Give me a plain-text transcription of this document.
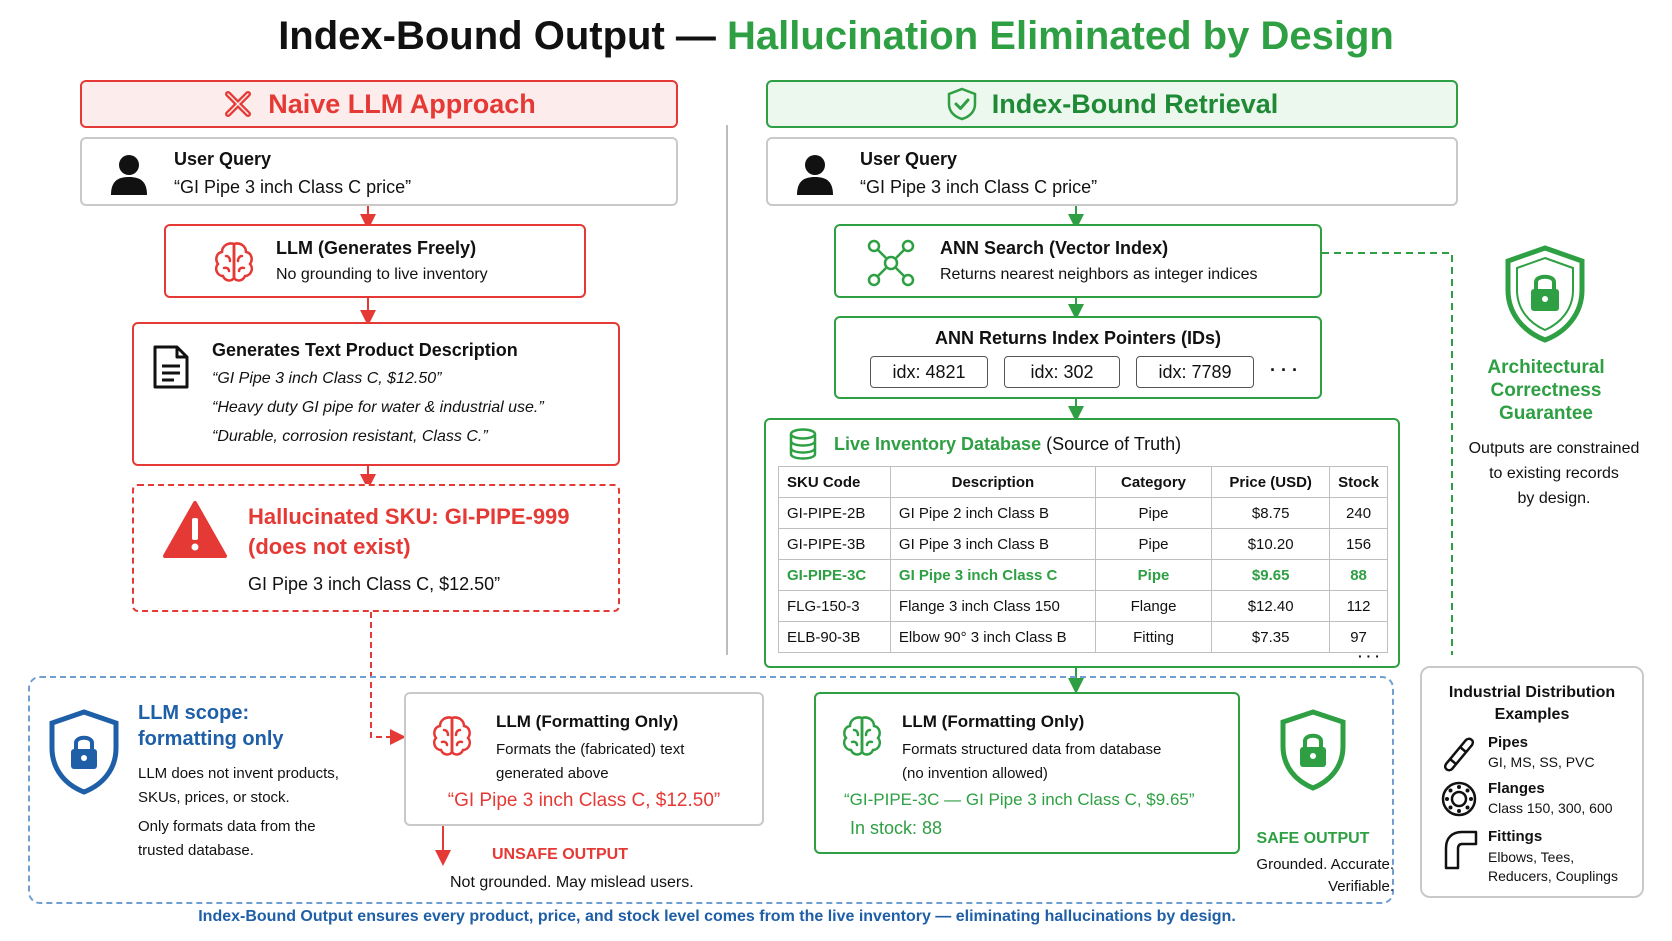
Index-Bound Output — Hallucination Eliminated by Design
Naive LLM Approach	Index-Bound Retrieval
User Query
“GI Pipe 3 inch Class C price”
LLM (Generates Freely)
No grounding to live inventory
Generates Text Product Description
“GI Pipe 3 inch Class C, $12.50”
“Heavy duty GI pipe for water & industrial use.”
“Durable, corrosion resistant, Class C.”
Hallucinated SKU: GI-PIPE-999
(does not exist)
GI Pipe 3 inch Class C, $12.50”
User Query
“GI Pipe 3 inch Class C price”
ANN Search (Vector Index)
Returns nearest neighbors as integer indices
ANN Returns Index Pointers (IDs)
idx: 4821	idx: 302	idx: 7789	· · ·
Live Inventory Database (Source of Truth)
SKU Code	Description	Category	Price (USD)	Stock
GI-PIPE-2B	GI Pipe 2 inch Class B	Pipe	$8.75	240
GI-PIPE-3B	GI Pipe 3 inch Class B	Pipe	$10.20	156
GI-PIPE-3C	GI Pipe 3 inch Class C	Pipe	$9.65	88
FLG-150-3	Flange 3 inch Class 150	Flange	$12.40	112
ELB-90-3B	Elbow 90° 3 inch Class B	Fitting	$7.35	97
· · ·
Architectural
Correctness
Guarantee
Outputs are constrained
to existing records
by design.
LLM scope:
formatting only
LLM does not invent products,
SKUs, prices, or stock.
Only formats data from the
trusted database.
LLM (Formatting Only)
Formats the (fabricated) text
generated above
“GI Pipe 3 inch Class C, $12.50”
UNSAFE OUTPUT
Not grounded. May mislead users.
LLM (Formatting Only)
Formats structured data from database
(no invention allowed)
“GI-PIPE-3C — GI Pipe 3 inch Class C, $9.65”
In stock: 88
SAFE OUTPUT
Grounded. Accurate.
Verifiable.
Industrial Distribution
Examples
Pipes
GI, MS, SS, PVC
Flanges
Class 150, 300, 600
Fittings
Elbows, Tees,
Reducers, Couplings
Index-Bound Output ensures every product, price, and stock level comes from the live inventory — eliminating hallucinations by design.
